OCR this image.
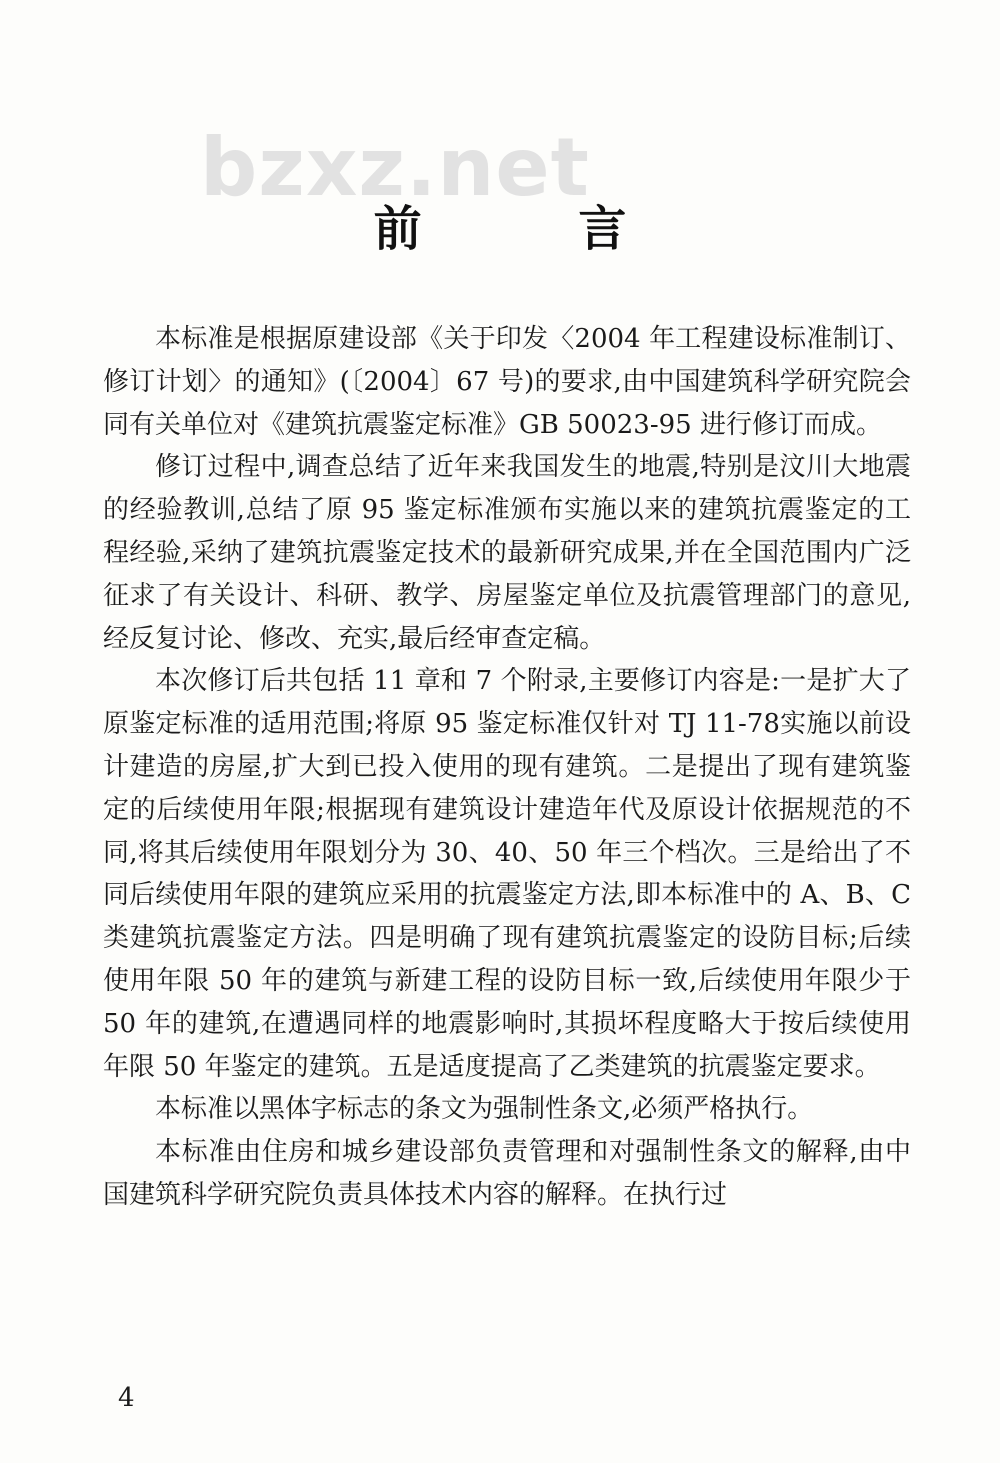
bzxz.net
前 言

本标准是根据原建设部《关于印发〈2004 年工程建设标准制订、修订计划〉的通知》(〔2004〕67 号)的要求,由中国建筑科学研究院会同有关单位对《建筑抗震鉴定标准》GB 50023-95 进行修订而成。

修订过程中,调查总结了近年来我国发生的地震,特别是汶川大地震的经验教训,总结了原 95 鉴定标准颁布实施以来的建筑抗震鉴定的工程经验,采纳了建筑抗震鉴定技术的最新研究成果,并在全国范围内广泛征求了有关设计、科研、教学、房屋鉴定单位及抗震管理部门的意见,经反复讨论、修改、充实,最后经审查定稿。

本次修订后共包括 11 章和 7 个附录,主要修订内容是:一是扩大了原鉴定标准的适用范围;将原 95 鉴定标准仅针对 TJ 11-78实施以前设计建造的房屋,扩大到已投入使用的现有建筑。二是提出了现有建筑鉴定的后续使用年限;根据现有建筑设计建造年代及原设计依据规范的不同,将其后续使用年限划分为 30、40、50 年三个档次。三是给出了不同后续使用年限的建筑应采用的抗震鉴定方法,即本标准中的 A、B、C 类建筑抗震鉴定方法。四是明确了现有建筑抗震鉴定的设防目标;后续使用年限 50 年的建筑与新建工程的设防目标一致,后续使用年限少于 50 年的建筑,在遭遇同样的地震影响时,其损坏程度略大于按后续使用年限 50 年鉴定的建筑。五是适度提高了乙类建筑的抗震鉴定要求。

本标准以黑体字标志的条文为强制性条文,必须严格执行。

本标准由住房和城乡建设部负责管理和对强制性条文的解释,由中国建筑科学研究院负责具体技术内容的解释。在执行过

4
